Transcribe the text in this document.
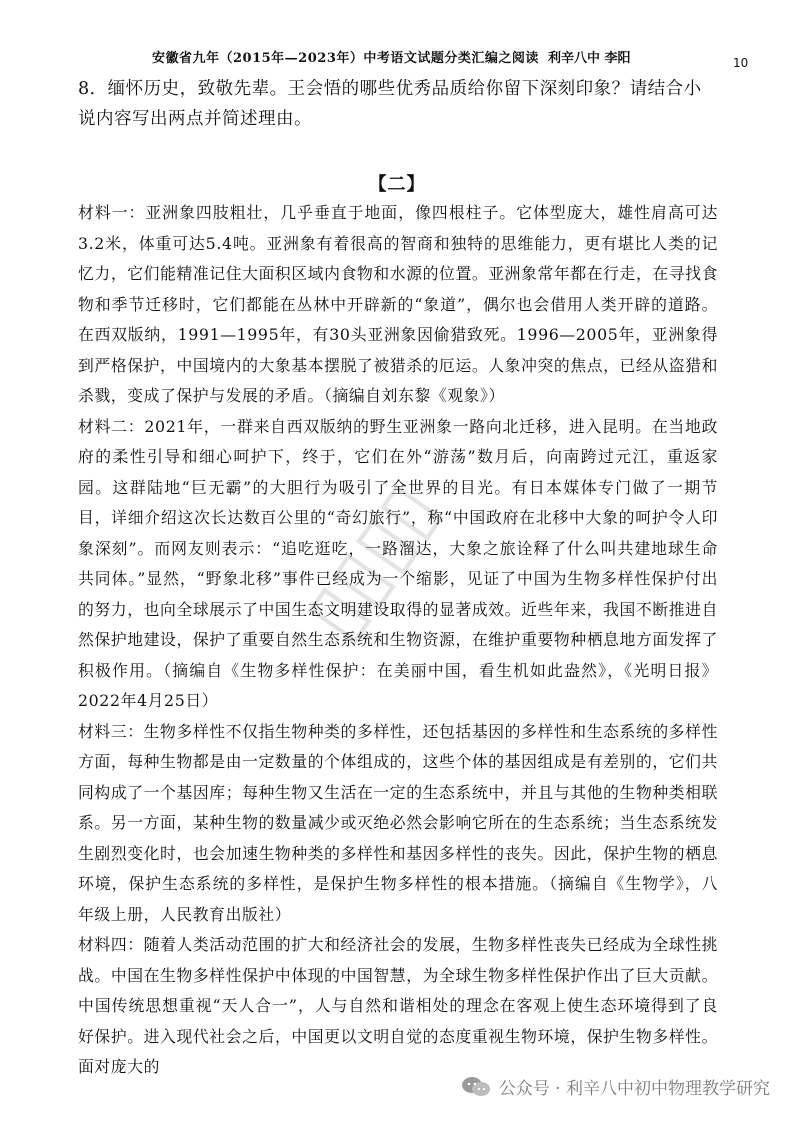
安徽省九年（2015年—2023年）中考语文试题分类汇编之阅读 利辛八中 李阳	10
8．缅怀历史，致敬先辈。王会悟的哪些优秀品质给你留下深刻印象？请结合小说内容写出两点并简述理由。
【二】
▯▯▯▯

材料一：亚洲象四肢粗壮，几乎垂直于地面，像四根柱子。它体型庞大，雄性肩高可达3.2米，体重可达5.4吨。亚洲象有着很高的智商和独特的思维能力，更有堪比人类的记忆力，它们能精准记住大面积区域内食物和水源的位置。亚洲象常年都在行走，在寻找食物和季节迁移时，它们都能在丛林中开辟新的“象道”，偶尔也会借用人类开辟的道路。在西双版纳，1991—1995年，有30头亚洲象因偷猎致死。1996—2005年，亚洲象得到严格保护，中国境内的大象基本摆脱了被猎杀的厄运。人象冲突的焦点，已经从盗猎和杀戮，变成了保护与发展的矛盾。（摘编自刘东黎《观象》）

材料二：2021年，一群来自西双版纳的野生亚洲象一路向北迁移，进入昆明。在当地政府的柔性引导和细心呵护下，终于，它们在外“游荡”数月后，向南跨过元江，重返家园。这群陆地“巨无霸”的大胆行为吸引了全世界的目光。有日本媒体专门做了一期节目，详细介绍这次长达数百公里的“奇幻旅行”，称“中国政府在北移中大象的呵护令人印象深刻”。而网友则表示：“追吃逛吃，一路溜达，大象之旅诠释了什么叫共建地球生命共同体。”显然，“野象北移”事件已经成为一个缩影，见证了中国为生物多样性保护付出的努力，也向全球展示了中国生态文明建设取得的显著成效。近些年来，我国不断推进自然保护地建设，保护了重要自然生态系统和生物资源，在维护重要物种栖息地方面发挥了积极作用。（摘编自《生物多样性保护：在美丽中国，看生机如此盎然》，《光明日报》2022年4月25日）

材料三：生物多样性不仅指生物种类的多样性，还包括基因的多样性和生态系统的多样性方面，每种生物都是由一定数量的个体组成的，这些个体的基因组成是有差别的，它们共同构成了一个基因库；每种生物又生活在一定的生态系统中，并且与其他的生物种类相联系。另一方面，某种生物的数量减少或灭绝必然会影响它所在的生态系统；当生态系统发生剧烈变化时，也会加速生物种类的多样性和基因多样性的丧失。因此，保护生物的栖息环境，保护生态系统的多样性，是保护生物多样性的根本措施。（摘编自《生物学》，八年级上册，人民教育出版社）

材料四：随着人类活动范围的扩大和经济社会的发展，生物多样性丧失已经成为全球性挑战。中国在生物多样性保护中体现的中国智慧，为全球生物多样性保护作出了巨大贡献。中国传统思想重视“天人合一”，人与自然和谐相处的理念在客观上使生态环境得到了良好保护。进入现代社会之后，中国更以文明自觉的态度重视生物环境，保护生物多样性。面对庞大的

公众号 · 利辛八中初中物理教学研究
